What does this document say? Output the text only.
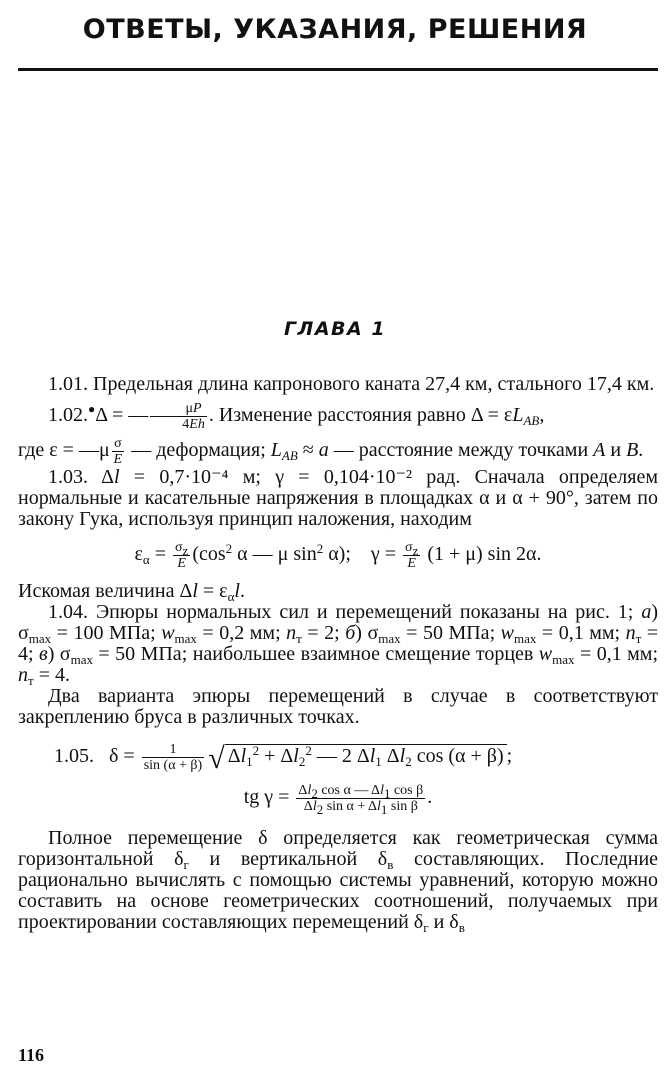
ОТВЕТЫ, УКАЗАНИЯ, РЕШЕНИЯ
ГЛАВА 1

1.01. Предельная длина капронового каната 27,4 км, стального 17,4 км.

1.02.●Δ = — $\frac{\mu P}{4Eh}$ . Изменение расстояния равно $\Delta = \varepsilon L_{AB}$,

где ε = —μ $\frac{\sigma}{E}$ — деформация; $L_{AB} \approx a$ — расстояние между точками A и B.

1.03. Δl = 0,7·10⁻⁴ м; γ = 0,104·10⁻² рад. Сначала определяем нормальные и касательные напряжения в площадках α и α + 90°, затем по закону Гука, используя принцип наложения, находим

$\varepsilon_\alpha = \frac{\sigma_z}{E} (\cos^2$ α — μ $\sin^2 \alpha$);    $\gamma = \frac{\sigma_z}{E} (1 + \mu)$ sin 2α.

Искомая величина $\Delta l = \varepsilon_\alpha l$.

1.04. Эпюры нормальных сил и перемещений показаны на рис. 1; а) $\sigma_{max} = 100$ МПа; $w_{max} = 0,2$ мм; $n_т = 2$; б) $\sigma_{max} = 50$ МПа; $w_{max} = 0,1$ мм; $n_т = 4$; в) $\sigma_{max} = 50$ МПа; наибольшее взаимное смещение торцев $w_{max} = 0,1$ мм; $n_т = 4$.

Два варианта эпюры перемещений в случае в соответствуют закреплению бруса в различных точках.

1.05.   $\delta = \frac{1}{\sin (\alpha + \beta)}$ √ $\Delta l_1^2 + \Delta l_2^2$ — 2 $\Delta l_1$ $\Delta l_2$ cos (α + β) ;
tg $\gamma = \frac{\Delta l_2 \cos \alpha — \Delta l_1 \cos \beta}{\Delta l_2 \sin \alpha + \Delta l_1 \sin \beta}$ .

Полное перемещение δ определяется как геометрическая сумма горизонтальной $\delta_г$ и вертикальной $\delta_в$ составляющих. Последние рационально вычислять с помощью системы уравнений, которую можно составить на основе геометрических соотношений, получаемых при проектировании составляющих перемещений $\delta_г$ и $\delta_в$

116
